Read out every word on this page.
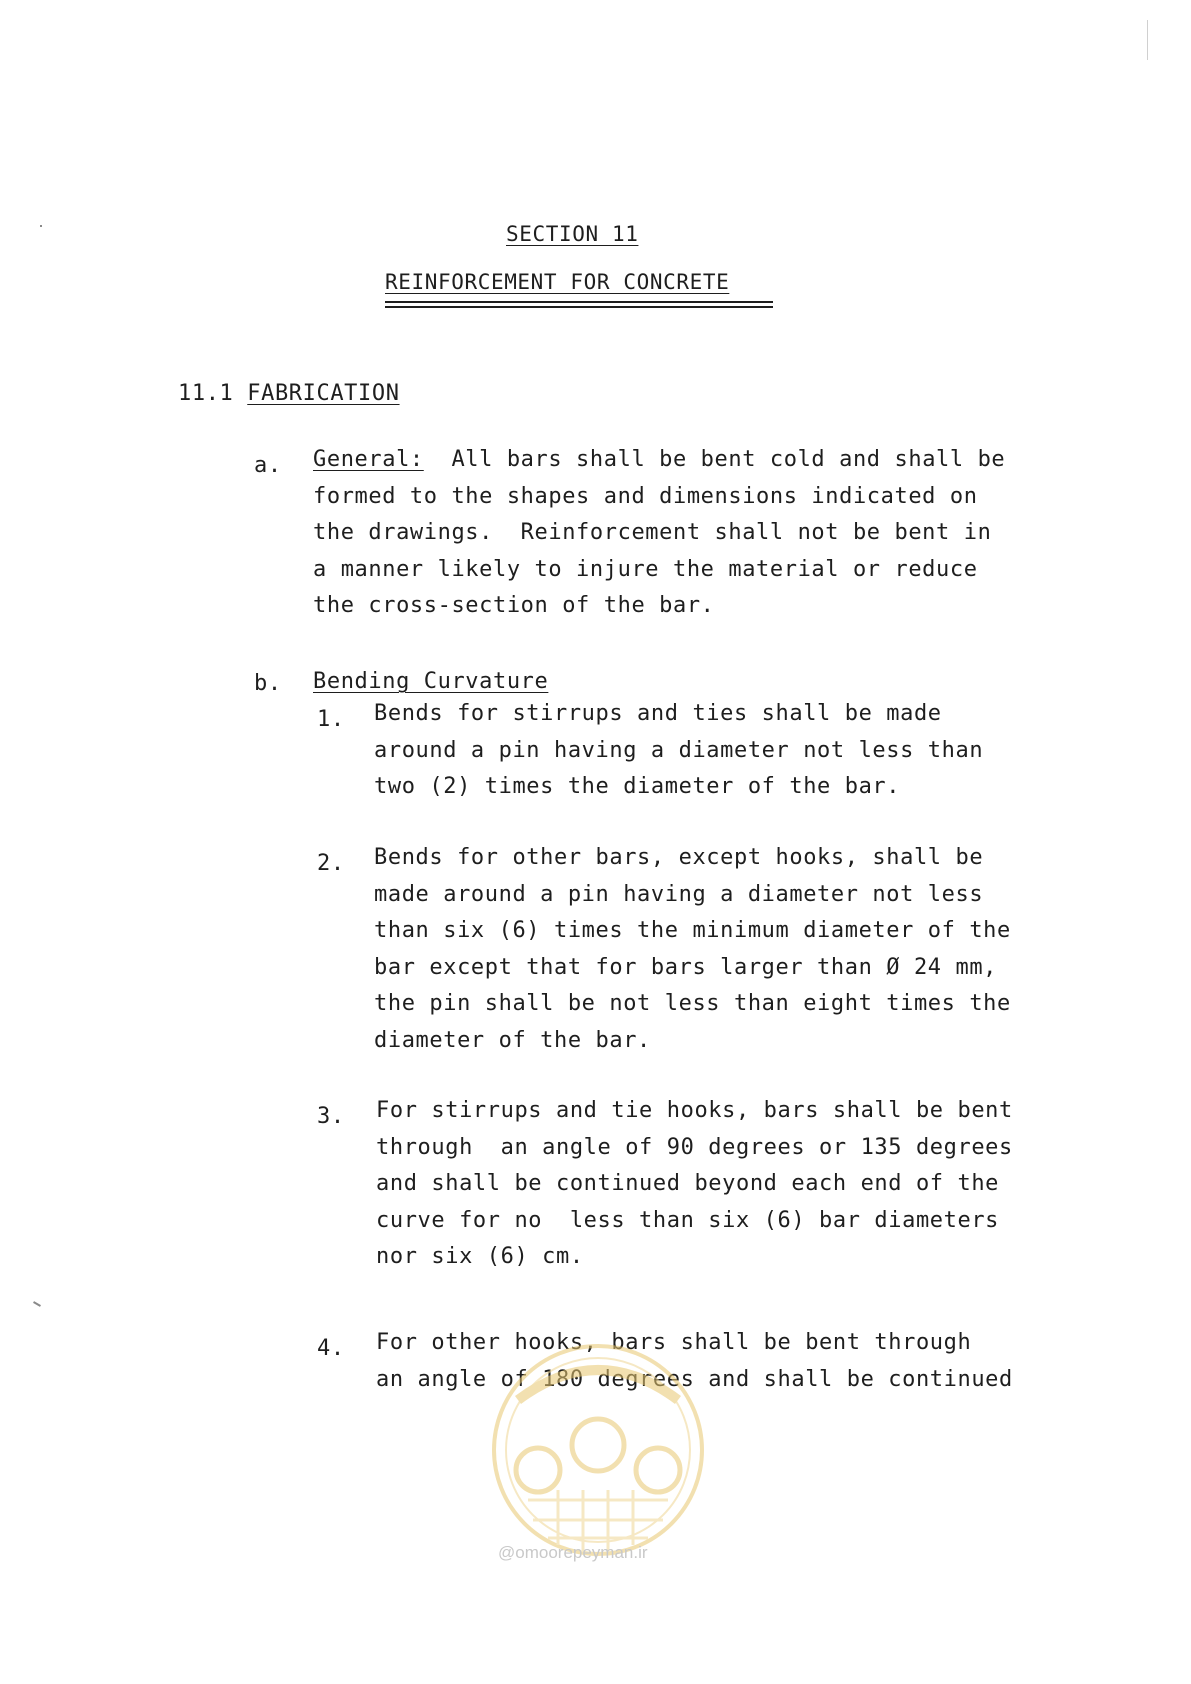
SECTION 11
REINFORCEMENT FOR CONCRETE
11.1 FABRICATION
a. General:  All bars shall be bent cold and shall be
formed to the shapes and dimensions indicated on
the drawings.  Reinforcement shall not be bent in
a manner likely to injure the material or reduce
the cross-section of the bar.
b. Bending Curvature
1. Bends for stirrups and ties shall be made
around a pin having a diameter not less than
two (2) times the diameter of the bar.
2. Bends for other bars, except hooks, shall be
made around a pin having a diameter not less
than six (6) times the minimum diameter of the
bar except that for bars larger than Ø 24 mm,
the pin shall be not less than eight times the
diameter of the bar.
3. For stirrups and tie hooks, bars shall be bent
through  an angle of 90 degrees or 135 degrees
and shall be continued beyond each end of the
curve for no  less than six (6) bar diameters
nor six (6) cm.
4. For other hooks, bars shall be bent through
an angle of 180 degrees and shall be continued
@omoorepeyman.ir
